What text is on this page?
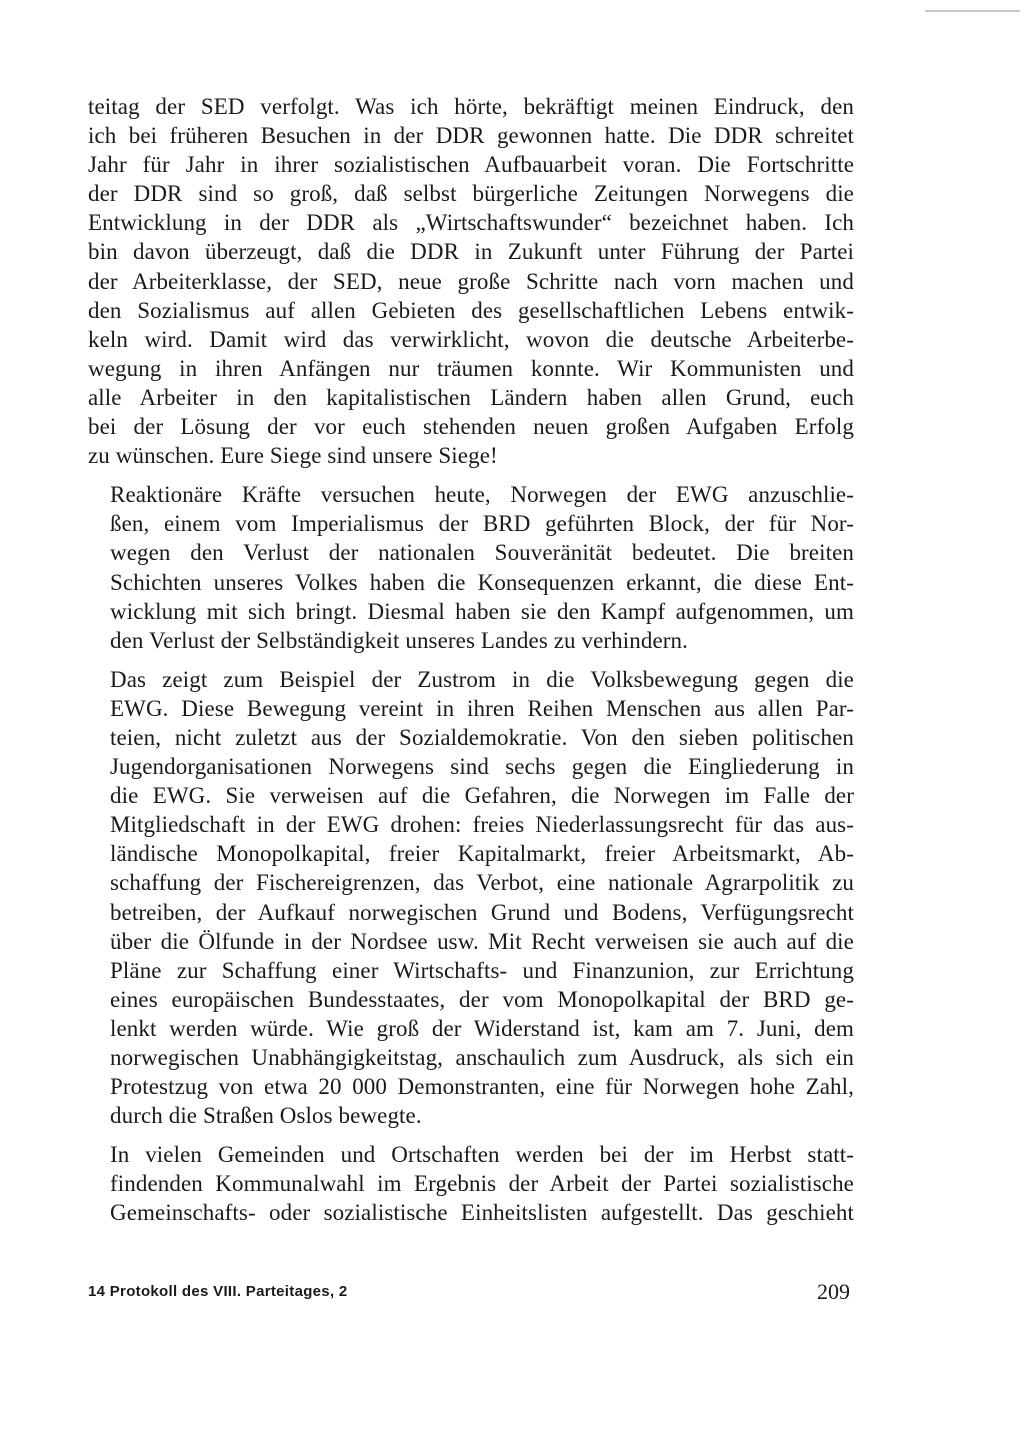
teitag der SED verfolgt. Was ich hörte, bekräftigt meinen Eindruck, den
ich bei früheren Besuchen in der DDR gewonnen hatte. Die DDR schreitet
Jahr für Jahr in ihrer sozialistischen Aufbauarbeit voran. Die Fortschritte
der DDR sind so groß, daß selbst bürgerliche Zeitungen Norwegens die
Entwicklung in der DDR als „Wirtschaftswunder“ bezeichnet haben. Ich
bin davon überzeugt, daß die DDR in Zukunft unter Führung der Partei
der Arbeiterklasse, der SED, neue große Schritte nach vorn machen und
den Sozialismus auf allen Gebieten des gesellschaftlichen Lebens entwik-
keln wird. Damit wird das verwirklicht, wovon die deutsche Arbeiterbe-
wegung in ihren Anfängen nur träumen konnte. Wir Kommunisten und
alle Arbeiter in den kapitalistischen Ländern haben allen Grund, euch
bei der Lösung der vor euch stehenden neuen großen Aufgaben Erfolg
zu wünschen. Eure Siege sind unsere Siege!

Reaktionäre Kräfte versuchen heute, Norwegen der EWG anzuschlie-
ßen, einem vom Imperialismus der BRD geführten Block, der für Nor-
wegen den Verlust der nationalen Souveränität bedeutet. Die breiten
Schichten unseres Volkes haben die Konsequenzen erkannt, die diese Ent-
wicklung mit sich bringt. Diesmal haben sie den Kampf aufgenommen, um
den Verlust der Selbständigkeit unseres Landes zu verhindern.

Das zeigt zum Beispiel der Zustrom in die Volksbewegung gegen die
EWG. Diese Bewegung vereint in ihren Reihen Menschen aus allen Par-
teien, nicht zuletzt aus der Sozialdemokratie. Von den sieben politischen
Jugendorganisationen Norwegens sind sechs gegen die Eingliederung in
die EWG. Sie verweisen auf die Gefahren, die Norwegen im Falle der
Mitgliedschaft in der EWG drohen: freies Niederlassungsrecht für das aus-
ländische Monopolkapital, freier Kapitalmarkt, freier Arbeitsmarkt, Ab-
schaffung der Fischereigrenzen, das Verbot, eine nationale Agrarpolitik zu
betreiben, der Aufkauf norwegischen Grund und Bodens, Verfügungsrecht
über die Ölfunde in der Nordsee usw. Mit Recht verweisen sie auch auf die
Pläne zur Schaffung einer Wirtschafts- und Finanzunion, zur Errichtung
eines europäischen Bundesstaates, der vom Monopolkapital der BRD ge-
lenkt werden würde. Wie groß der Widerstand ist, kam am 7. Juni, dem
norwegischen Unabhängigkeitstag, anschaulich zum Ausdruck, als sich ein
Protestzug von etwa 20 000 Demonstranten, eine für Norwegen hohe Zahl,
durch die Straßen Oslos bewegte.

In vielen Gemeinden und Ortschaften werden bei der im Herbst statt-
findenden Kommunalwahl im Ergebnis der Arbeit der Partei sozialistische
Gemeinschafts- oder sozialistische Einheitslisten aufgestellt. Das geschieht

14 Protokoll des VIII. Parteitages, 2	209
